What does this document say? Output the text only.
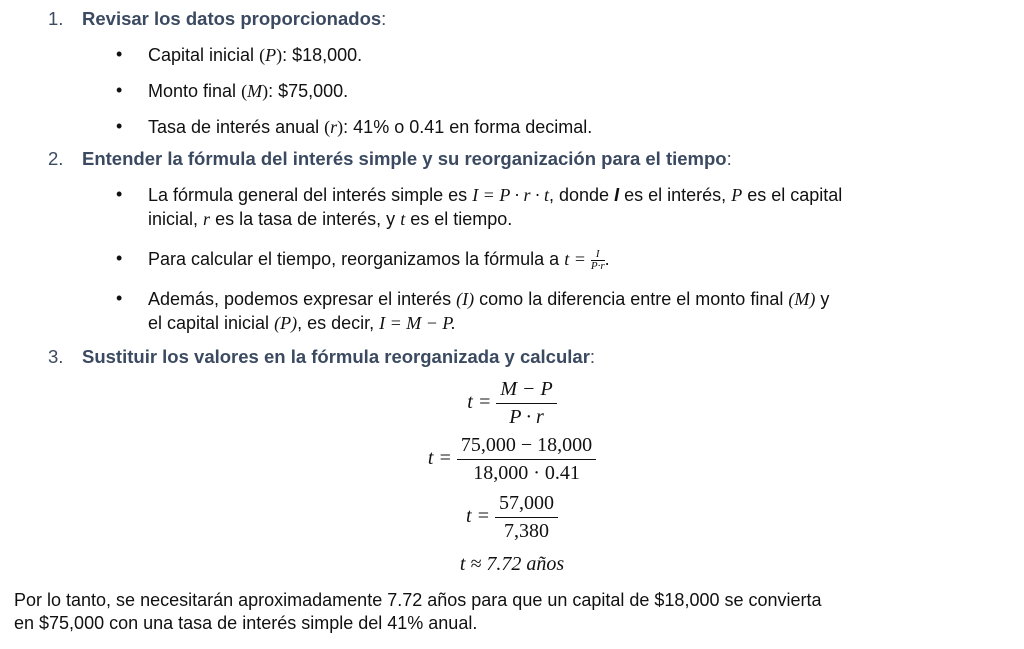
1. Revisar los datos proporcionados:
• Capital inicial (P): $18,000.
• Monto final (M): $75,000.
• Tasa de interés anual (r): 41% o 0.41 en forma decimal.
2. Entender la fórmula del interés simple y su reorganización para el tiempo:
• La fórmula general del interés simple es I = P · r · t, donde I es el interés, P es el capital
inicial, r es la tasa de interés, y t es el tiempo.
• Para calcular el tiempo, reorganizamos la fórmula a $t = \frac{I}{P\cdot r}$ .
• Además, podemos expresar el interés (I) como la diferencia entre el monto final (M) y
el capital inicial (P), es decir, I = M − P.
3. Sustituir los valores en la fórmula reorganizada y calcular:
$t = \frac{M - P}{P \cdot r}$
$t = \frac{75,000 - 18,000}{18,000 \cdot 0.41}$
$t = \frac{57,000}{7,380}$
t ≈ 7.72 años
Por lo tanto, se necesitarán aproximadamente 7.72 años para que un capital de $18,000 se convierta
en $75,000 con una tasa de interés simple del 41% anual.
